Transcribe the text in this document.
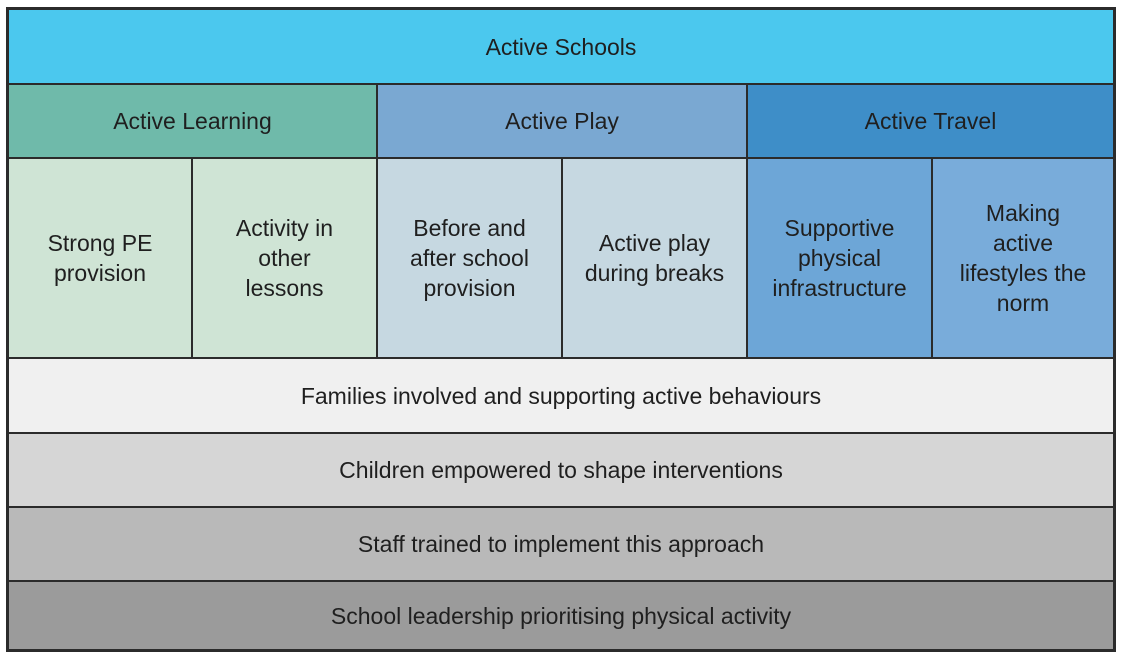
Active Schools
Active Learning	Active Play	Active Travel
Strong PE provision
Activity in other lessons
Before and after school provision
Active play during breaks
Supportive physical infrastructure
Making active lifestyles the norm
Families involved and supporting active behaviours
Children empowered to shape interventions
Staff trained to implement this approach
School leadership prioritising physical activity
